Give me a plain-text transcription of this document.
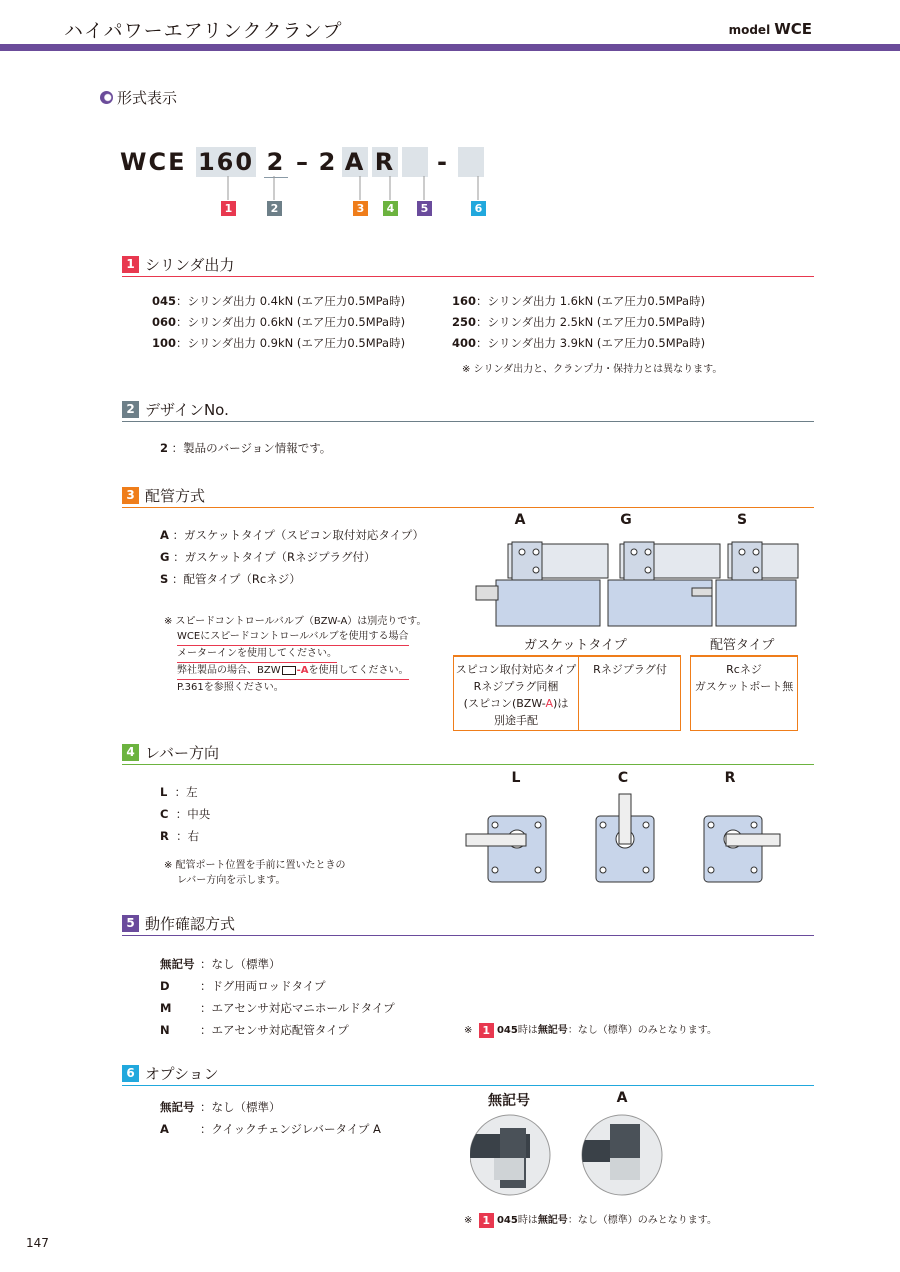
ハイパワーエアリンククランプ	model WCE
形式表示
WCE 160 2 – 2 A R	-
1	2	3	4	5	6
1 シリンダ出力
045：シリンダ出力 0.4kN (エア圧力0.5MPa時)
060：シリンダ出力 0.6kN (エア圧力0.5MPa時)
100：シリンダ出力 0.9kN (エア圧力0.5MPa時)
160：シリンダ出力 1.6kN (エア圧力0.5MPa時)
250：シリンダ出力 2.5kN (エア圧力0.5MPa時)
400：シリンダ出力 3.9kN (エア圧力0.5MPa時)
※ シリンダ出力と、クランプ力・保持力とは異なります。
2 デザインNo.
2 ：製品のバージョン情報です。
3 配管方式
A ：ガスケットタイプ（スピコン取付対応タイプ）
G ：ガスケットタイプ（Rネジプラグ付）
S ：配管タイプ（Rcネジ）
※ スピードコントロールバルブ（BZW-A）は別売りです。
WCEにスピードコントロールバルブを使用する場合
メーターインを使用してください。
弊社製品の場合、BZW -Aを使用してください。
P.361を参照ください。
A	G	S
ガスケットタイプ	配管タイプ
スピコン取付対応タイプ
Rネジプラグ同梱
(スピコン(BZW-A)は
別途手配
Rネジプラグ付	Rcネジ
ガスケットポート無
4 レバー方向
L ：左
C ：中央
R ：右
※ 配管ポート位置を手前に置いたときの
レバー方向を示します。
L	C	R
5 動作確認方式
無記号 ：なし（標準）
D	：ドグ用両ロッドタイプ
M ：エアセンサ対応マニホールドタイプ
N	：エアセンサ対応配管タイプ	※
1
045 時は 無記号 ：なし（標準）のみとなります。
6 オプション
無記号 ：なし（標準）
A	：クイックチェンジレバータイプ A
無記号	A
※
1
045 時は 無記号 ：なし（標準）のみとなります。
147
